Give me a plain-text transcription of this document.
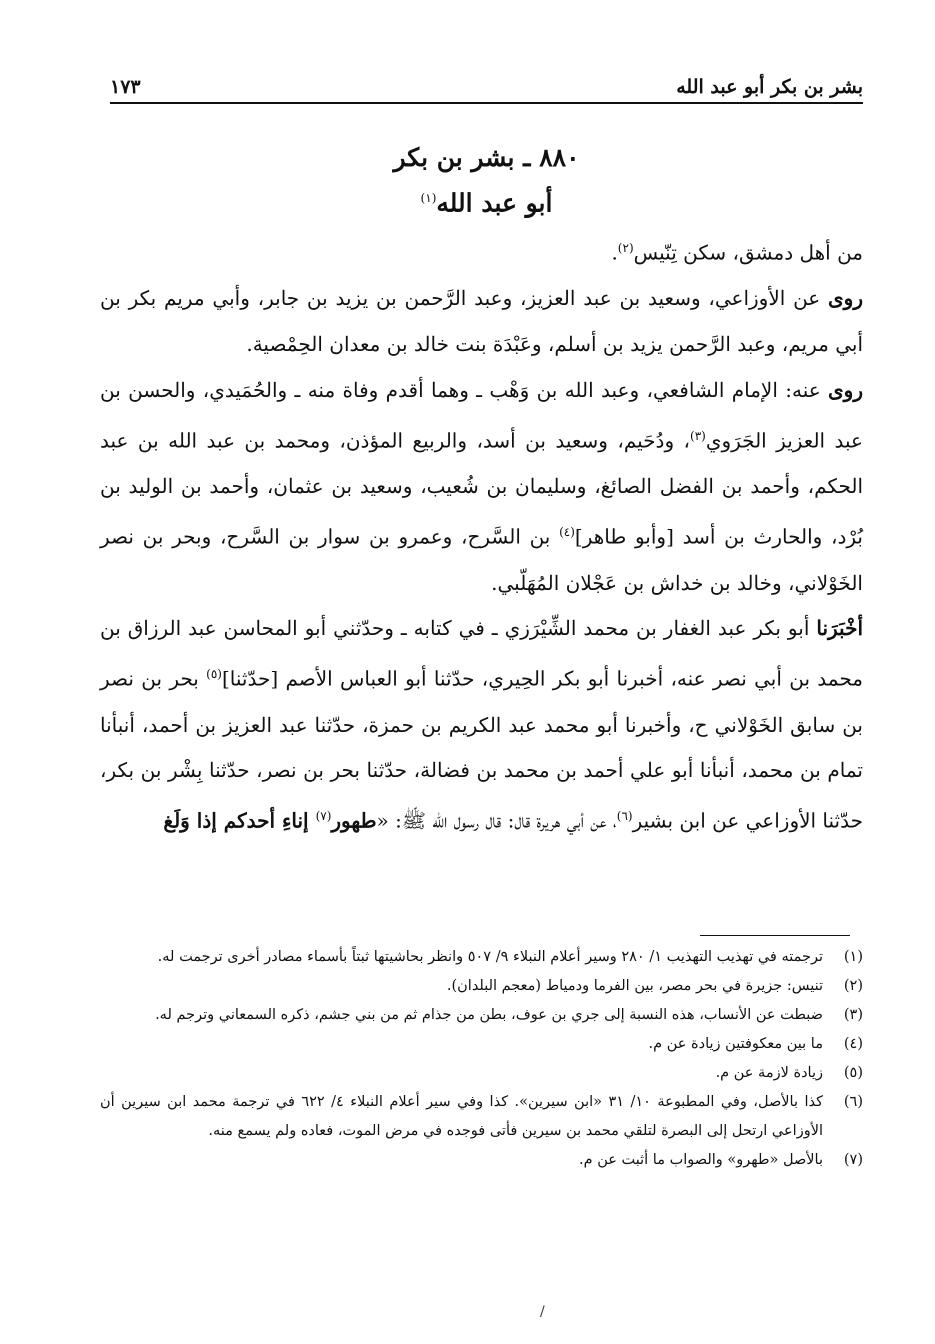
بشر بن بكر أبو عبد الله
١٧٣
٨٨٠ ـ بشر بن بكر
أبو عبد الله$^{(١)}$

من أهل دمشق، سكن تِنّيس$^{(٢)}$.

روى عن الأوزاعي، وسعيد بن عبد العزيز، وعبد الرَّحمن بن يزيد بن جابر، وأبي مريم بكر بن أبي مريم، وعبد الرَّحمن يزيد بن أسلم، وعَبْدَة بنت خالد بن معدان الحِمْصية.

روى عنه: الإمام الشافعي، وعبد الله بن وَهْب ـ وهما أقدم وفاة منه ـ والحُمَيدي، والحسن بن عبد العزيز الجَرَوي$^{(٣)}$، ودُحَيم، وسعيد بن أسد، والربيع المؤذن، ومحمد بن عبد الله بن عبد الحكم، وأحمد بن الفضل الصائغ، وسليمان بن شُعيب، وسعيد بن عثمان، وأحمد بن الوليد بن بُرْد، والحارث بن أسد [وأبو طاهر]$^{(٤)}$ بن السَّرح، وعمرو بن سوار بن السَّرح، وبحر بن نصر الخَوْلاني، وخالد بن خداش بن عَجْلان المُهَلّبي.

أخْبَرَنا أبو بكر عبد الغفار بن محمد الشِّيْرَزي ـ في كتابه ـ وحدّثني أبو المحاسن عبد الرزاق بن محمد بن أبي نصر عنه، أخبرنا أبو بكر الحِيري، حدّثنا أبو العباس الأصم [حدّثنا]$^{(٥)}$ بحر بن نصر بن سابق الخَوْلاني ح، وأخبرنا أبو محمد عبد الكريم بن حمزة، حدّثنا عبد العزيز بن أحمد، أنبأنا تمام بن محمد، أنبأنا أبو علي أحمد بن محمد بن فضالة، حدّثنا بحر بن نصر، حدّثنا بِشْر بن بكر، حدّثنا الأوزاعي عن ابن بشير$^{(٦)}$، عن أبي هريرة قال: قال رسول الله ﷺ: «طهور$^{(٧)}$ إناءِ أحدكم إذا وَلَغ

(١)
ترجمته في تهذيب التهذيب ١/ ٢٨٠ وسير أعلام النبلاء ٩/ ٥٠٧ وانظر بحاشيتها ثبتاً بأسماء مصادر أخرى ترجمت له.

(٢)
تنيس: جزيرة في بحر مصر، بين الفرما ودمياط (معجم البلدان).

(٣)
ضبطت عن الأنساب، هذه النسبة إلى جري بن عوف، بطن من جذام ثم من بني جشم، ذكره السمعاني وترجم له.

(٤)
ما بين معكوفتين زيادة عن م.

(٥)
زيادة لازمة عن م.

(٦)
كذا بالأصل، وفي المطبوعة ١٠/ ٣١ «ابن سيرين». كذا وفي سير أعلام النبلاء ٤/ ٦٢٢ في ترجمة محمد ابن سيرين أن الأوزاعي ارتحل إلى البصرة لتلقي محمد بن سيرين فأتى فوجده في مرض الموت، فعاده ولم يسمع منه.

(٧)
بالأصل «طهرو» والصواب ما أثبت عن م.

/
